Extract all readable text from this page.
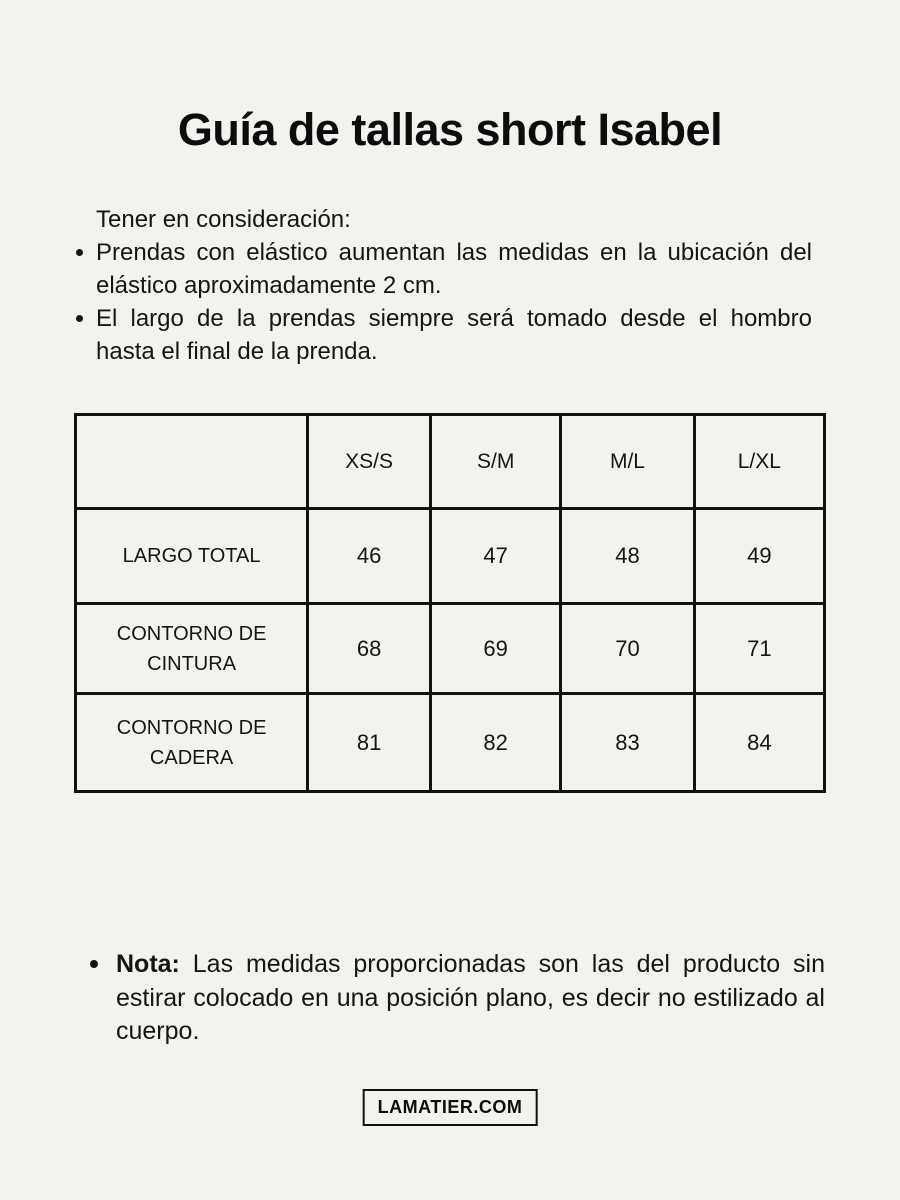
Guía de tallas short Isabel

Tener en consideración:

Prendas con elástico aumentan las medidas en la ubicación del elástico aproximadamente 2 cm.
El largo de la prendas siempre será tomado desde el hombro hasta el final de la prenda.
	XS/S	S/M	M/L	L/XL
LARGO TOTAL	46	47	48	49
CONTORNO DE CINTURA	68	69	70	71
CONTORNO DE CADERA	81	82	83	84
Nota: Las medidas proporcionadas son las del producto sin estirar colocado en una posición plano, es decir no estilizado al cuerpo.
LAMATIER.COM
